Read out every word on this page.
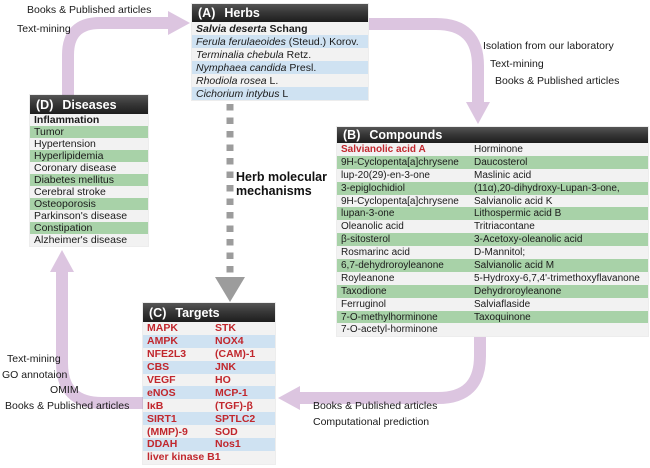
Books & Published articles
Text-mining
Isolation from our laboratory
Text-mining
Books & Published articles
Text-mining
GO annotaion
OMIM
Books & Published articles	Books & Published articles
Computational prediction
Herb molecular mechanisms
(A) Herbs
Salvia deserta Schang
Ferula ferulaeoides (Steud.) Korov.
Terminalia chebula Retz.
Nymphaea candida Presl.
Rhodiola rosea L.
Cichorium intybus L
(D) Diseases
Inflammation
Tumor
Hypertension
Hyperlipidemia
Coronary disease
Diabetes mellitus
Cerebral stroke
Osteoporosis
Parkinson's disease
Constipation
Alzheimer's disease
(B) Compounds
Salvianolic acid A	Horminone
9H-Cyclopenta[a]chrysene	Daucosterol
lup-20(29)-en-3-one	Maslinic acid
3-epiglochidiol	(11α),20-dihydroxy-Lupan-3-one,
9H-Cyclopenta[a]chrysene	Salvianolic acid K
lupan-3-one	Lithospermic acid B
Oleanolic acid	Tritriacontane
β-sitosterol	3-Acetoxy-oleanolic acid
Rosmarinc acid	D-Mannitol;
6,7-dehydroroyleanone	Salvianolic acid M
Royleanone	5-Hydroxy-6,7,4'-trimethoxyflavanone
Taxodione	Dehydroroyleanone
Ferruginol	Salviaflaside
7-O-methylhorminone	Taxoquinone
7-O-acetyl-horminone
(C) Targets
MAPK	STK
AMPK	NOX4
NFE2L3	(CAM)-1
CBS	JNK
VEGF	HO
eNOS	MCP-1
IκB	(TGF)-β
SIRT1	SPTLC2
(MMP)-9	SOD
DDAH	Nos1
liver kinase B1
